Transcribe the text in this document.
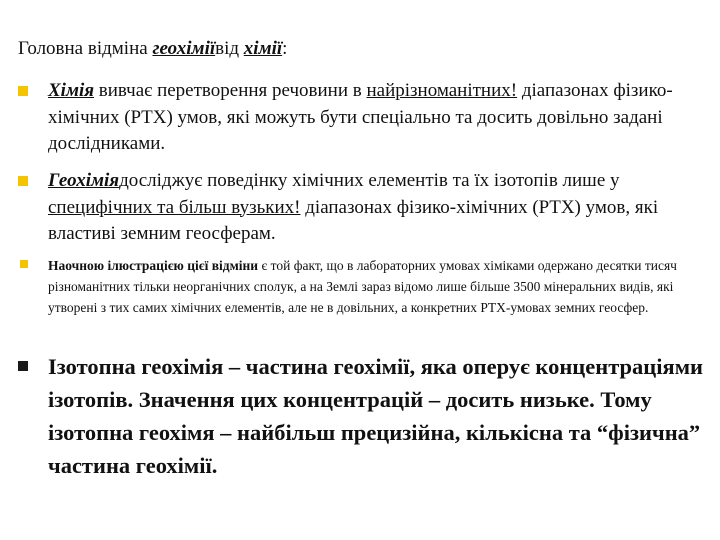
Головна відміна геохіміївід хімії:
Хімія вивчає перетворення речовини в найрізноманітних! діапазонах фізико-хімічних (PTX) умов, які можуть бути спеціально та досить довільно задані дослідниками.
Геохіміядосліджує поведінку хімічних елементів та їх ізотопів лише у специфічних та більш вузьких! діапазонах фізико-хімічних (PTX) умов, які властиві земним геосферам.
Наочною ілюстрацією цієї відміни є той факт, що в лабораторних умовах хіміками одержано десятки тисяч різноманітних тільки неорганічних сполук, а на Землі зараз відомо лише більше 3500 мінеральних видів, які утворені з тих самих хімічних елементів, але не в довільних, а конкретних PTX-умовах земних геосфер.
Ізотопна геохімія – частина геохімії, яка оперує концентраціями ізотопів. Значення цих концентрацій – досить низьке. Тому ізотопна геохімя – найбільш прецизійна, кількісна та “фізична” частина геохімії.
